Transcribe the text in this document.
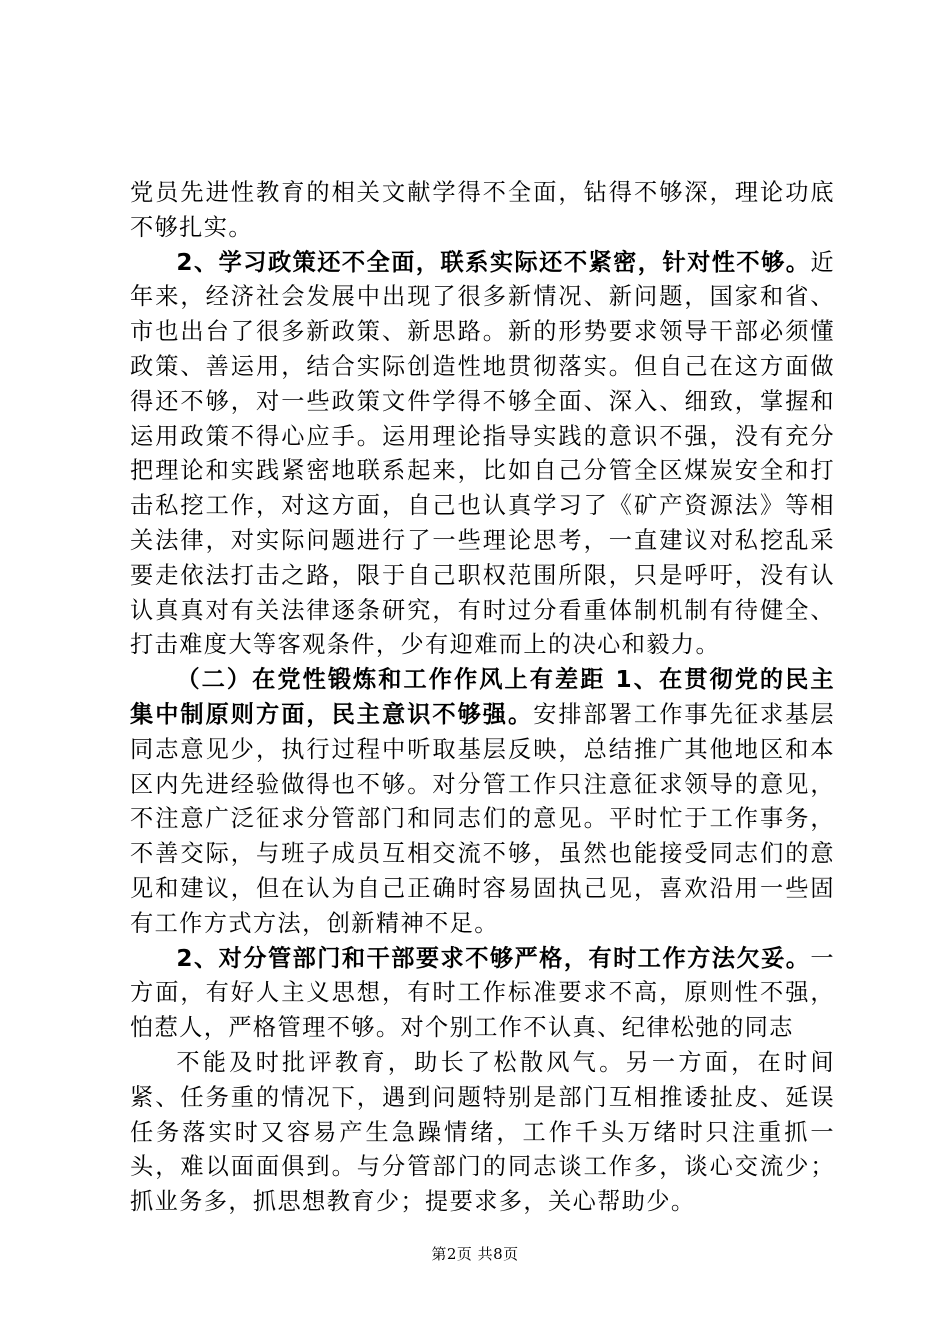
党员先进性教育的相关文献学得不全面，钻得不够深，理论功底不够扎实。

2、学习政策还不全面，联系实际还不紧密，针对性不够。近年来，经济社会发展中出现了很多新情况、新问题，国家和省、市也出台了很多新政策、新思路。新的形势要求领导干部必须懂政策、善运用，结合实际创造性地贯彻落实。但自己在这方面做得还不够，对一些政策文件学得不够全面、深入、细致，掌握和运用政策不得心应手。运用理论指导实践的意识不强，没有充分把理论和实践紧密地联系起来，比如自己分管全区煤炭安全和打击私挖工作，对这方面，自己也认真学习了《矿产资源法》等相关法律，对实际问题进行了一些理论思考，一直建议对私挖乱采要走依法打击之路，限于自己职权范围所限，只是呼吁，没有认认真真对有关法律逐条研究，有时过分看重体制机制有待健全、打击难度大等客观条件，少有迎难而上的决心和毅力。

（二）在党性锻炼和工作作风上有差距 1、在贯彻党的民主集中制原则方面，民主意识不够强。安排部署工作事先征求基层同志意见少，执行过程中听取基层反映，总结推广其他地区和本区内先进经验做得也不够。对分管工作只注意征求领导的意见，不注意广泛征求分管部门和同志们的意见。平时忙于工作事务，不善交际，与班子成员互相交流不够，虽然也能接受同志们的意见和建议，但在认为自己正确时容易固执己见，喜欢沿用一些固有工作方式方法，创新精神不足。

2、对分管部门和干部要求不够严格，有时工作方法欠妥。一方面，有好人主义思想，有时工作标准要求不高，原则性不强，怕惹人，严格管理不够。对个别工作不认真、纪律松弛的同志

不能及时批评教育，助长了松散风气。另一方面，在时间紧、任务重的情况下，遇到问题特别是部门互相推诿扯皮、延误任务落实时又容易产生急躁情绪，工作千头万绪时只注重抓一头，难以面面俱到。与分管部门的同志谈工作多，谈心交流少；抓业务多，抓思想教育少；提要求多，关心帮助少。

第2页 共8页
